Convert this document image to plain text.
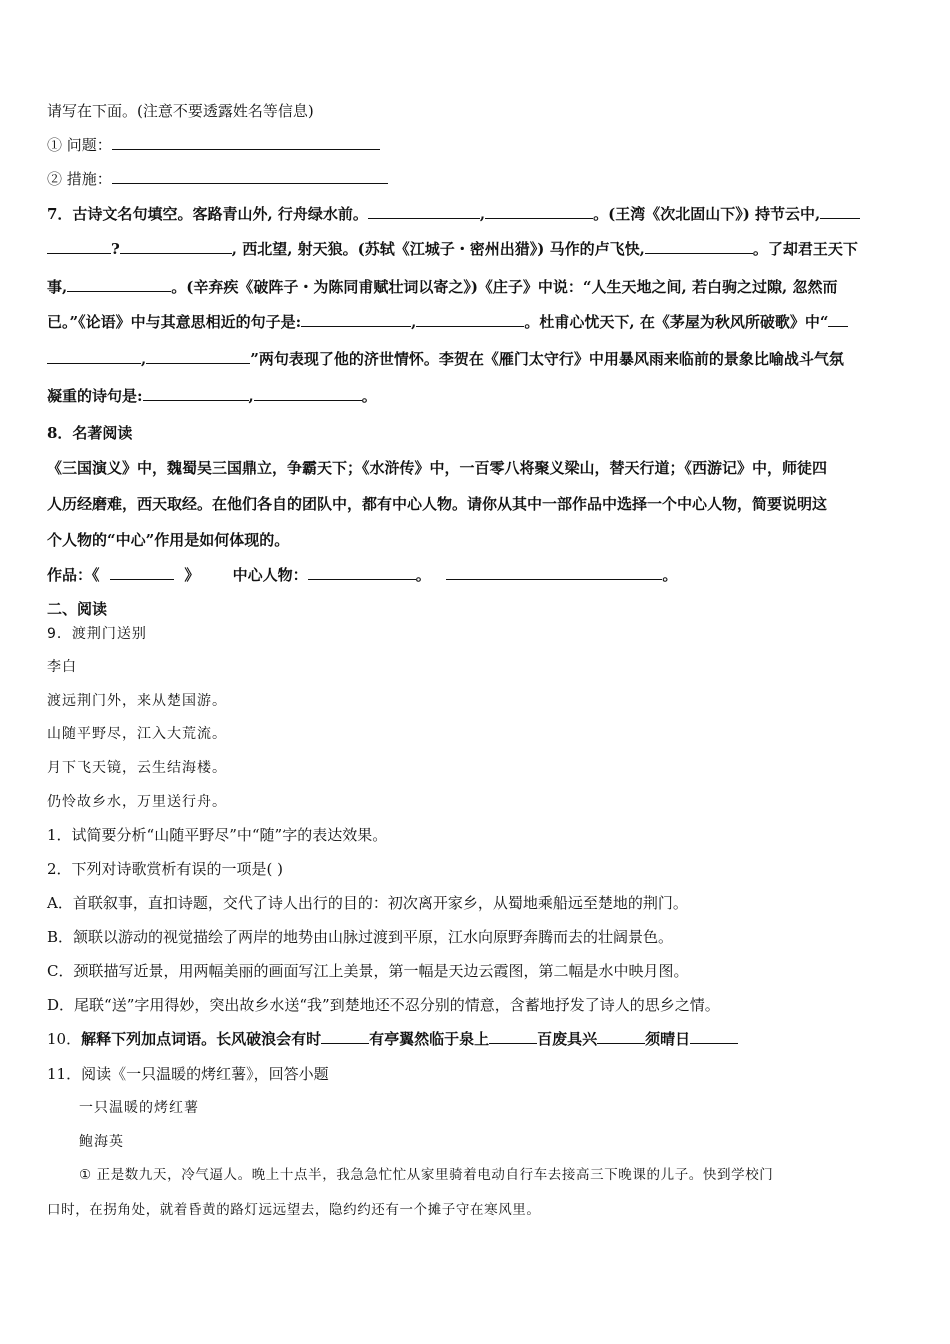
请写在下面。(注意不要透露姓名等信息)

① 问题：

② 措施：

7．古诗文名句填空。客路青山外, 行舟绿水前。	,	。(王湾《次北固山下》) 持节云中,

?	, 西北望, 射天狼。(苏轼《江城子・密州出猎》) 马作的卢飞快,	。了却君王天下

事,	。(辛弃疾《破阵子・为陈同甫赋壮词以寄之》)《庄子》中说：“人生天地之间, 若白驹之过隙, 忽然而

已。”《论语》中与其意思相近的句子是:	,	。杜甫心忧天下, 在《茅屋为秋风所破歌》中“

,	”两句表现了他的济世情怀。李贺在《雁门太守行》中用暴风雨来临前的景象比喻战斗气氛

凝重的诗句是:	,	。

8．名著阅读

《三国演义》中，魏蜀吴三国鼎立，争霸天下；《水浒传》中，一百零八将聚义梁山，替天行道；《西游记》中，师徒四

人历经磨难，西天取经。在他们各自的团队中，都有中心人物。请你从其中一部作品中选择一个中心人物，简要说明这

个人物的“中心”作用是如何体现的。

作品：《	》 中心人物：	。	。

二、阅读

9．渡荆门送别

李白

渡远荆门外，来从楚国游。

山随平野尽，江入大荒流。

月下飞天镜，云生结海楼。

仍怜故乡水，万里送行舟。

1．试简要分析“山随平野尽”中“随”字的表达效果。

2．下列对诗歌赏析有误的一项是( )

A．首联叙事，直扣诗题，交代了诗人出行的目的：初次离开家乡，从蜀地乘船远至楚地的荆门。

B．颔联以游动的视觉描绘了两岸的地势由山脉过渡到平原，江水向原野奔腾而去的壮阔景色。

C．颈联描写近景，用两幅美丽的画面写江上美景，第一幅是天边云霞图，第二幅是水中映月图。

D．尾联“送”字用得妙，突出故乡水送“我”到楚地还不忍分别的情意，含蓄地抒发了诗人的思乡之情。

10．解释下列加点词语。长风破浪会有时	有亭翼然临于泉上	百废具兴	须晴日

11．阅读《一只温暖的烤红薯》，回答小题

一只温暖的烤红薯

鲍海英

① 正是数九天，冷气逼人。晚上十点半，我急急忙忙从家里骑着电动自行车去接高三下晚课的儿子。快到学校门

口时，在拐角处，就着昏黄的路灯远远望去，隐约约还有一个摊子守在寒风里。
